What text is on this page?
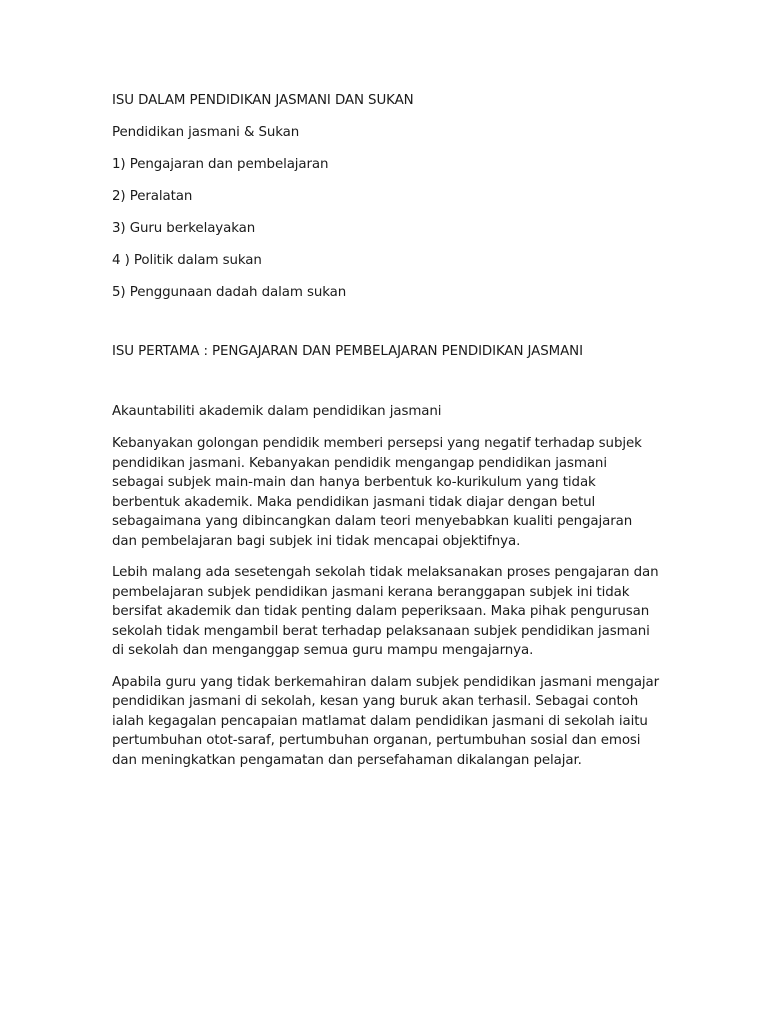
ISU DALAM PENDIDIKAN JASMANI DAN SUKAN

Pendidikan jasmani & Sukan

1) Pengajaran dan pembelajaran

2) Peralatan

3) Guru berkelayakan

4 ) Politik dalam sukan

5) Penggunaan dadah dalam sukan

ISU PERTAMA : PENGAJARAN DAN PEMBELAJARAN PENDIDIKAN JASMANI

Akauntabiliti akademik dalam pendidikan jasmani

Kebanyakan golongan pendidik memberi persepsi yang negatif terhadap subjek pendidikan jasmani. Kebanyakan pendidik mengangap pendidikan jasmani sebagai subjek main-main dan hanya berbentuk ko-kurikulum yang tidak berbentuk akademik. Maka pendidikan jasmani tidak diajar dengan betul sebagaimana yang dibincangkan dalam teori menyebabkan kualiti pengajaran dan pembelajaran bagi subjek ini tidak mencapai objektifnya.

Lebih malang ada sesetengah sekolah tidak melaksanakan proses pengajaran dan pembelajaran subjek pendidikan jasmani kerana beranggapan subjek ini tidak bersifat akademik dan tidak penting dalam peperiksaan. Maka pihak pengurusan sekolah tidak mengambil berat terhadap pelaksanaan subjek pendidikan jasmani di sekolah dan menganggap semua guru mampu mengajarnya.

Apabila guru yang tidak berkemahiran dalam subjek pendidikan jasmani mengajar pendidikan jasmani di sekolah, kesan yang buruk akan terhasil. Sebagai contoh ialah kegagalan pencapaian matlamat dalam pendidikan jasmani di sekolah iaitu pertumbuhan otot-saraf, pertumbuhan organan, pertumbuhan sosial dan emosi dan meningkatkan pengamatan dan persefahaman dikalangan pelajar.
